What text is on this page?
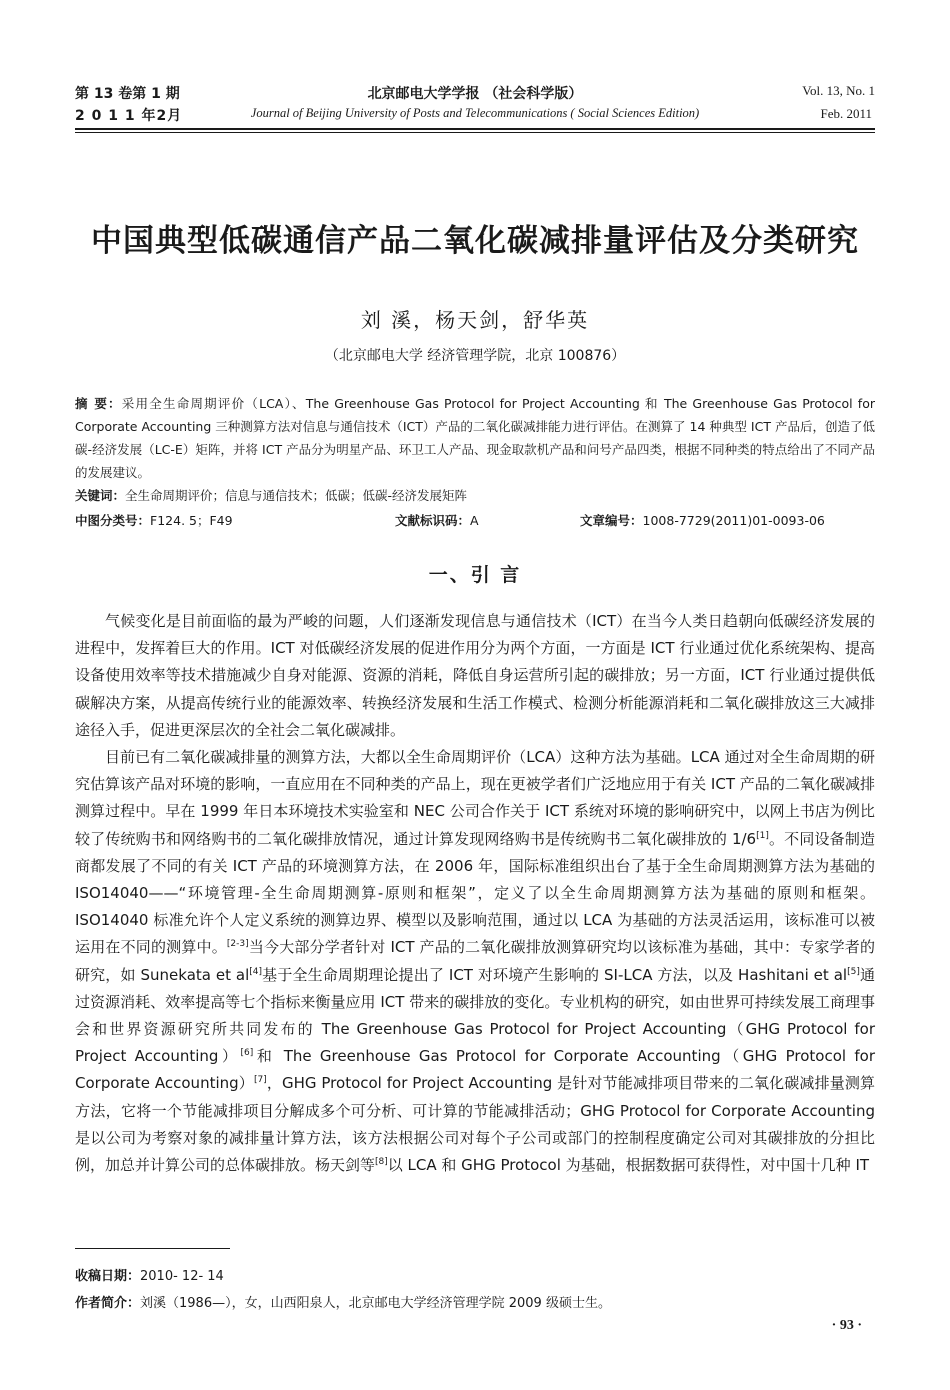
第 13 卷第 1 期
2 0 1 1 年2月
北京邮电大学学报 （社会科学版）
Journal of Beijing University of Posts and Telecommunications ( Social Sciences Edition)
Vol. 13, No. 1
Feb. 2011
中国典型低碳通信产品二氧化碳减排量评估及分类研究
刘 溪，杨天剑，舒华英
（北京邮电大学 经济管理学院，北京 100876）
摘 要：采用全生命周期评价（LCA）、The Greenhouse Gas Protocol for Project Accounting 和 The Greenhouse Gas Protocol for Corporate Accounting 三种测算方法对信息与通信技术（ICT）产品的二氧化碳减排能力进行评估。在测算了 14 种典型 ICT 产品后，创造了低碳-经济发展（LC-E）矩阵，并将 ICT 产品分为明星产品、环卫工人产品、现金取款机产品和问号产品四类，根据不同种类的特点给出了不同产品的发展建议。
关键词：全生命周期评价；信息与通信技术；低碳；低碳-经济发展矩阵
中图分类号：F124. 5；F49	文献标识码：A	文章编号：1008-7729(2011)01-0093-06
一、引 言

气候变化是目前面临的最为严峻的问题，人们逐渐发现信息与通信技术（ICT）在当今人类日趋朝向低碳经济发展的进程中，发挥着巨大的作用。ICT 对低碳经济发展的促进作用分为两个方面，一方面是 ICT 行业通过优化系统架构、提高设备使用效率等技术措施减少自身对能源、资源的消耗，降低自身运营所引起的碳排放；另一方面，ICT 行业通过提供低碳解决方案，从提高传统行业的能源效率、转换经济发展和生活工作模式、检测分析能源消耗和二氧化碳排放这三大减排途径入手，促进更深层次的全社会二氧化碳减排。

目前已有二氧化碳减排量的测算方法，大都以全生命周期评价（LCA）这种方法为基础。LCA 通过对全生命周期的研究估算该产品对环境的影响，一直应用在不同种类的产品上，现在更被学者们广泛地应用于有关 ICT 产品的二氧化碳减排测算过程中。早在 1999 年日本环境技术实验室和 NEC 公司合作关于 ICT 系统对环境的影响研究中，以网上书店为例比较了传统购书和网络购书的二氧化碳排放情况，通过计算发现网络购书是传统购书二氧化碳排放的 1/6[1]。不同设备制造商都发展了不同的有关 ICT 产品的环境测算方法，在 2006 年，国际标准组织出台了基于全生命周期测算方法为基础的 ISO14040——“环境管理-全生命周期测算-原则和框架”，定义了以全生命周期测算方法为基础的原则和框架。ISO14040 标准允许个人定义系统的测算边界、模型以及影响范围，通过以 LCA 为基础的方法灵活运用，该标准可以被运用在不同的测算中。[2-3]当今大部分学者针对 ICT 产品的二氧化碳排放测算研究均以该标准为基础，其中：专家学者的研究，如 Sunekata et al[4]基于全生命周期理论提出了 ICT 对环境产生影响的 SI-LCA 方法，以及 Hashitani et al[5]通过资源消耗、效率提高等七个指标来衡量应用 ICT 带来的碳排放的变化。专业机构的研究，如由世界可持续发展工商理事会和世界资源研究所共同发布的 The Greenhouse Gas Protocol for Project Accounting（GHG Protocol for Project Accounting）[6]和 The Greenhouse Gas Protocol for Corporate Accounting（GHG Protocol for Corporate Accounting）[7]，GHG Protocol for Project Accounting 是针对节能减排项目带来的二氧化碳减排量测算方法，它将一个节能减排项目分解成多个可分析、可计算的节能减排活动；GHG Protocol for Corporate Accounting 是以公司为考察对象的减排量计算方法，该方法根据公司对每个子公司或部门的控制程度确定公司对其碳排放的分担比例，加总并计算公司的总体碳排放。杨天剑等[8]以 LCA 和 GHG Protocol 为基础，根据数据可获得性，对中国十几种 IT

收稿日期：2010- 12- 14
作者简介：刘溪（1986—），女，山西阳泉人，北京邮电大学经济管理学院 2009 级硕士生。
· 93 ·
